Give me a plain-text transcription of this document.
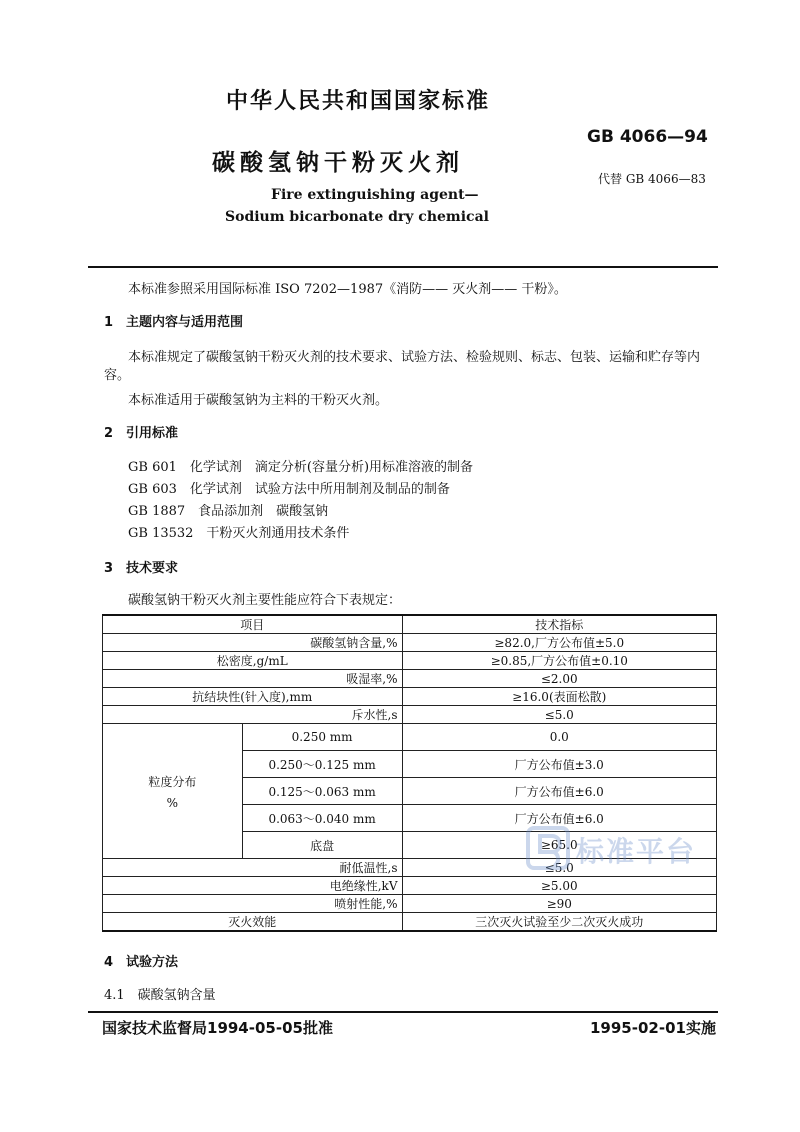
中华人民共和国国家标准
GB 4066—94
碳酸氢钠干粉灭火剂
代替 GB 4066—83
Fire extinguishing agent—
Sodium bicarbonate dry chemical
本标准参照采用国际标准 ISO 7202—1987《消防—— 灭火剂—— 干粉》。
1　主题内容与适用范围
本标准规定了碳酸氢钠干粉灭火剂的技术要求、试验方法、检验规则、标志、包装、运输和贮存等内
容。
本标准适用于碳酸氢钠为主料的干粉灭火剂。
2　引用标准
GB 601　化学试剂　滴定分析(容量分析)用标准溶液的制备
GB 603　化学试剂　试验方法中所用制剂及制品的制备
GB 1887　食品添加剂　碳酸氢钠
GB 13532　干粉灭火剂通用技术条件
3　技术要求
碳酸氢钠干粉灭火剂主要性能应符合下表规定：
项目		技术指标
碳酸氢钠含量,%		≥82.0,厂方公布值±5.0
松密度,g/mL		≥0.85,厂方公布值±0.10
吸湿率,%		≤2.00
抗结块性(针入度),mm		≥16.0(表面松散)
斥水性,s		≤5.0

粒度分布
%	0.250 mm	0.0
	0.250～0.125 mm	厂方公布值±3.0
	0.125～0.063 mm	厂方公布值±6.0
	0.063～0.040 mm	厂方公布值±6.0
	底盘	≥65.0
耐低温性,s		≤5.0
电绝缘性,kV		≥5.00
喷射性能,%		≥90
灭火效能		三次灭火试验至少二次灭火成功
标准平台
4　试验方法
4.1　碳酸氢钠含量
国家技术监督局1994-05-05批准	1995-02-01实施
